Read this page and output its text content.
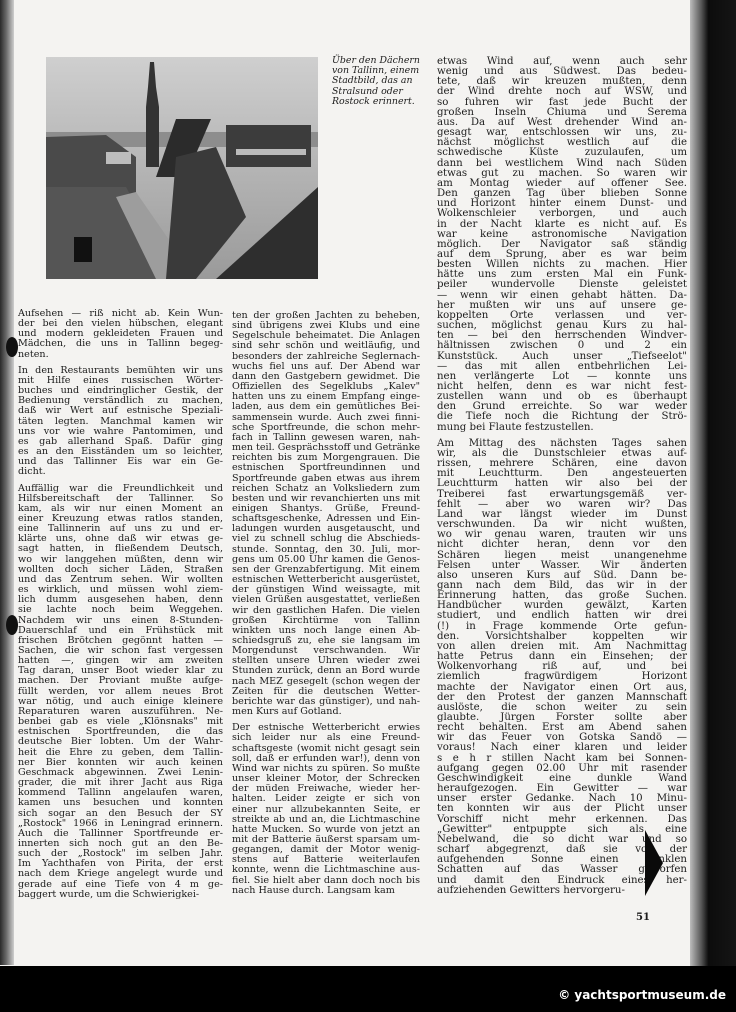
Über den Dächern
von Tallinn, einem
Stadtbild, das an
Stralsund oder
Rostock erinnert.
Aufsehen — riß nicht ab. Kein Wun-
der bei den vielen hübschen, elegant
und modern gekleideten Frauen und
Mädchen, die uns in Tallinn begeg-
neten.
In den Restaurants bemühten wir uns
mit Hilfe eines russischen Wörter-
buches und eindringlicher Gestik, der
Bedienung verständlich zu machen,
daß wir Wert auf estnische Speziali-
täten legten. Manchmal kamen wir
uns vor wie wahre Pantomimen, und
es gab allerhand Spaß. Dafür ging
es an den Eisständen um so leichter,
und das Tallinner Eis war ein Ge-
dicht.
Auffällig war die Freundlichkeit und
Hilfsbereitschaft der Tallinner. So
kam, als wir nur einen Moment an
einer Kreuzung etwas ratlos standen,
eine Tallinnerin auf uns zu und er-
klärte uns, ohne daß wir etwas ge-
sagt hatten, in fließendem Deutsch,
wo wir langgehen müßten, denn wir
wollten doch sicher Läden, Straßen
und das Zentrum sehen. Wir wollten
es wirklich, und müssen wohl ziem-
lich dumm ausgesehen haben, denn
sie lachte noch beim Weggehen.
Nachdem wir uns einen 8-Stunden-
Dauerschlaf und ein Frühstück mit
frischen Brötchen gegönnt hatten —
Sachen, die wir schon fast vergessen
hatten —, gingen wir am zweiten
Tag daran, unser Boot wieder klar zu
machen. Der Proviant mußte aufge-
füllt werden, vor allem neues Brot
war nötig, und auch einige kleinere
Reparaturen waren auszuführen. Ne-
benbei gab es viele „Klönsnaks" mit
estnischen Sportfreunden, die das
deutsche Bier lobten. Um der Wahr-
heit die Ehre zu geben, dem Tallin-
ner Bier konnten wir auch keinen
Geschmack abgewinnen. Zwei Lenin-
grader, die mit ihrer Jacht aus Riga
kommend Tallinn angelaufen waren,
kamen uns besuchen und konnten
sich sogar an den Besuch der SY
„Rostock" 1966 in Leningrad erinnern.
Auch die Tallinner Sportfreunde er-
innerten sich noch gut an den Be-
such der „Rostock" im selben Jahr.
Im Yachthafen von Pirita, der erst
nach dem Kriege angelegt wurde und
gerade auf eine Tiefe von 4 m ge-
baggert wurde, um die Schwierigkei-
ten der großen Jachten zu beheben,
sind übrigens zwei Klubs und eine
Segelschule beheimatet. Die Anlagen
sind sehr schön und weitläufig, und
besonders der zahlreiche Seglernach-
wuchs fiel uns auf. Der Abend war
dann den Gastgebern gewidmet. Die
Offiziellen des Segelklubs „Kalev"
hatten uns zu einem Empfang einge-
laden, aus dem ein gemütliches Bei-
sammensein wurde. Auch zwei finni-
sche Sportfreunde, die schon mehr-
fach in Tallinn gewesen waren, nah-
men teil. Gesprächsstoff und Getränke
reichten bis zum Morgengrauen. Die
estnischen Sportfreundinnen und
Sportfreunde gaben etwas aus ihrem
reichen Schatz an Volksliedern zum
besten und wir revanchierten uns mit
einigen Shantys. Grüße, Freund-
schaftsgeschenke, Adressen und Ein-
ladungen wurden ausgetauscht, und
viel zu schnell schlug die Abschieds-
stunde. Sonntag, den 30. Juli, mor-
gens um 05.00 Uhr kamen die Genos-
sen der Grenzabfertigung. Mit einem
estnischen Wetterbericht ausgerüstet,
der günstigen Wind weissagte, mit
vielen Grüßen ausgestattet, verließen
wir den gastlichen Hafen. Die vielen
großen Kirchtürme von Tallinn
winkten uns noch lange einen Ab-
schiedsgruß zu, ehe sie langsam im
Morgendunst verschwanden. Wir
stellten unsere Uhren wieder zwei
Stunden zurück, denn an Bord wurde
nach MEZ gesegelt (schon wegen der
Zeiten für die deutschen Wetter-
berichte war das günstiger), und nah-
men Kurs auf Gotland.
Der estnische Wetterbericht erwies
sich leider nur als eine Freund-
schaftsgeste (womit nicht gesagt sein
soll, daß er erfunden war!), denn von
Wind war nichts zu spüren. So mußte
unser kleiner Motor, der Schrecken
der müden Freiwache, wieder her-
halten. Leider zeigte er sich von
einer nur allzubekannten Seite, er
streikte ab und an, die Lichtmaschine
hatte Mucken. So wurde von jetzt an
mit der Batterie äußerst sparsam um-
gegangen, damit der Motor wenig-
stens auf Batterie weiterlaufen
konnte, wenn die Lichtmaschine aus-
fiel. Sie hielt aber dann doch noch bis
nach Hause durch. Langsam kam
etwas Wind auf, wenn auch sehr
wenig und aus Südwest. Das bedeu-
tete, daß wir kreuzen mußten, denn
der Wind drehte noch auf WSW, und
so fuhren wir fast jede Bucht der
großen Inseln Chiuma und Serema
aus. Da auf West drehender Wind an-
gesagt war, entschlossen wir uns, zu-
nächst möglichst westlich auf die
schwedische Küste zuzulaufen, um
dann bei westlichem Wind nach Süden
etwas gut zu machen. So waren wir
am Montag wieder auf offener See.
Den ganzen Tag über blieben Sonne
und Horizont hinter einem Dunst- und
Wolkenschleier verborgen, und auch
in der Nacht klarte es nicht auf. Es
war keine astronomische Navigation
möglich. Der Navigator saß ständig
auf dem Sprung, aber es war beim
besten Willen nichts zu machen. Hier
hätte uns zum ersten Mal ein Funk-
peiler wundervolle Dienste geleistet
— wenn wir einen gehabt hätten. Da-
her mußten wir uns auf unsere ge-
koppelten Orte verlassen und ver-
suchen, möglichst genau Kurs zu hal-
ten — bei den herrschenden Windver-
hältnissen zwischen 0 und 2 ein
Kunststück. Auch unser „Tiefseelot"
— das mit allen entbehrlichen Lei-
nen verlängerte Lot — konnte uns
nicht helfen, denn es war nicht fest-
zustellen wann und ob es überhaupt
den Grund erreichte. So war weder
die Tiefe noch die Richtung der Strö-
mung bei Flaute festzustellen.
Am Mittag des nächsten Tages sahen
wir, als die Dunstschleier etwas auf-
rissen, mehrere Schären, eine davon
mit Leuchtturm. Den angesteuerten
Leuchtturm hatten wir also bei der
Treiberei fast erwartungsgemäß ver-
fehlt — aber wo waren wir? Das
Land war längst wieder im Dunst
verschwunden. Da wir nicht wußten,
wo wir genau waren, trauten wir uns
nicht dichter heran, denn vor den
Schären liegen meist unangenehme
Felsen unter Wasser. Wir änderten
also unseren Kurs auf Süd. Dann be-
gann nach dem Bild, das wir in der
Erinnerung hatten, das große Suchen.
Handbücher wurden gewälzt, Karten
studiert, und endlich hatten wir drei
(!) in Frage kommende Orte gefun-
den. Vorsichtshalber koppelten wir
von allen dreien mit. Am Nachmittag
hatte Petrus dann ein Einsehen; der
Wolkenvorhang riß auf, und bei
ziemlich fragwürdigem Horizont
machte der Navigator einen Ort aus,
der den Protest der ganzen Mannschaft
auslöste, die schon weiter zu sein
glaubte. Jürgen Forster sollte aber
recht behalten. Erst am Abend sahen
wir das Feuer von Gotska Sandö —
voraus! Nach einer klaren und leider
s e h r stillen Nacht kam bei Sonnen-
aufgang gegen 02.00 Uhr mit rasender
Geschwindigkeit eine dunkle Wand
heraufgezogen. Ein Gewitter — war
unser erster Gedanke. Nach 10 Minu-
ten konnten wir aus der Plicht unser
Vorschiff nicht mehr erkennen. Das
„Gewitter" entpuppte sich als eine
Nebelwand, die so dicht war und so
scharf abgegrenzt, daß sie vor der
aufgehenden Sonne einen dunklen
Schatten auf das Wasser geworfen
und damit den Eindruck eines her-
aufziehenden Gewitters hervorgeru-
51
© yachtsportmuseum.de
